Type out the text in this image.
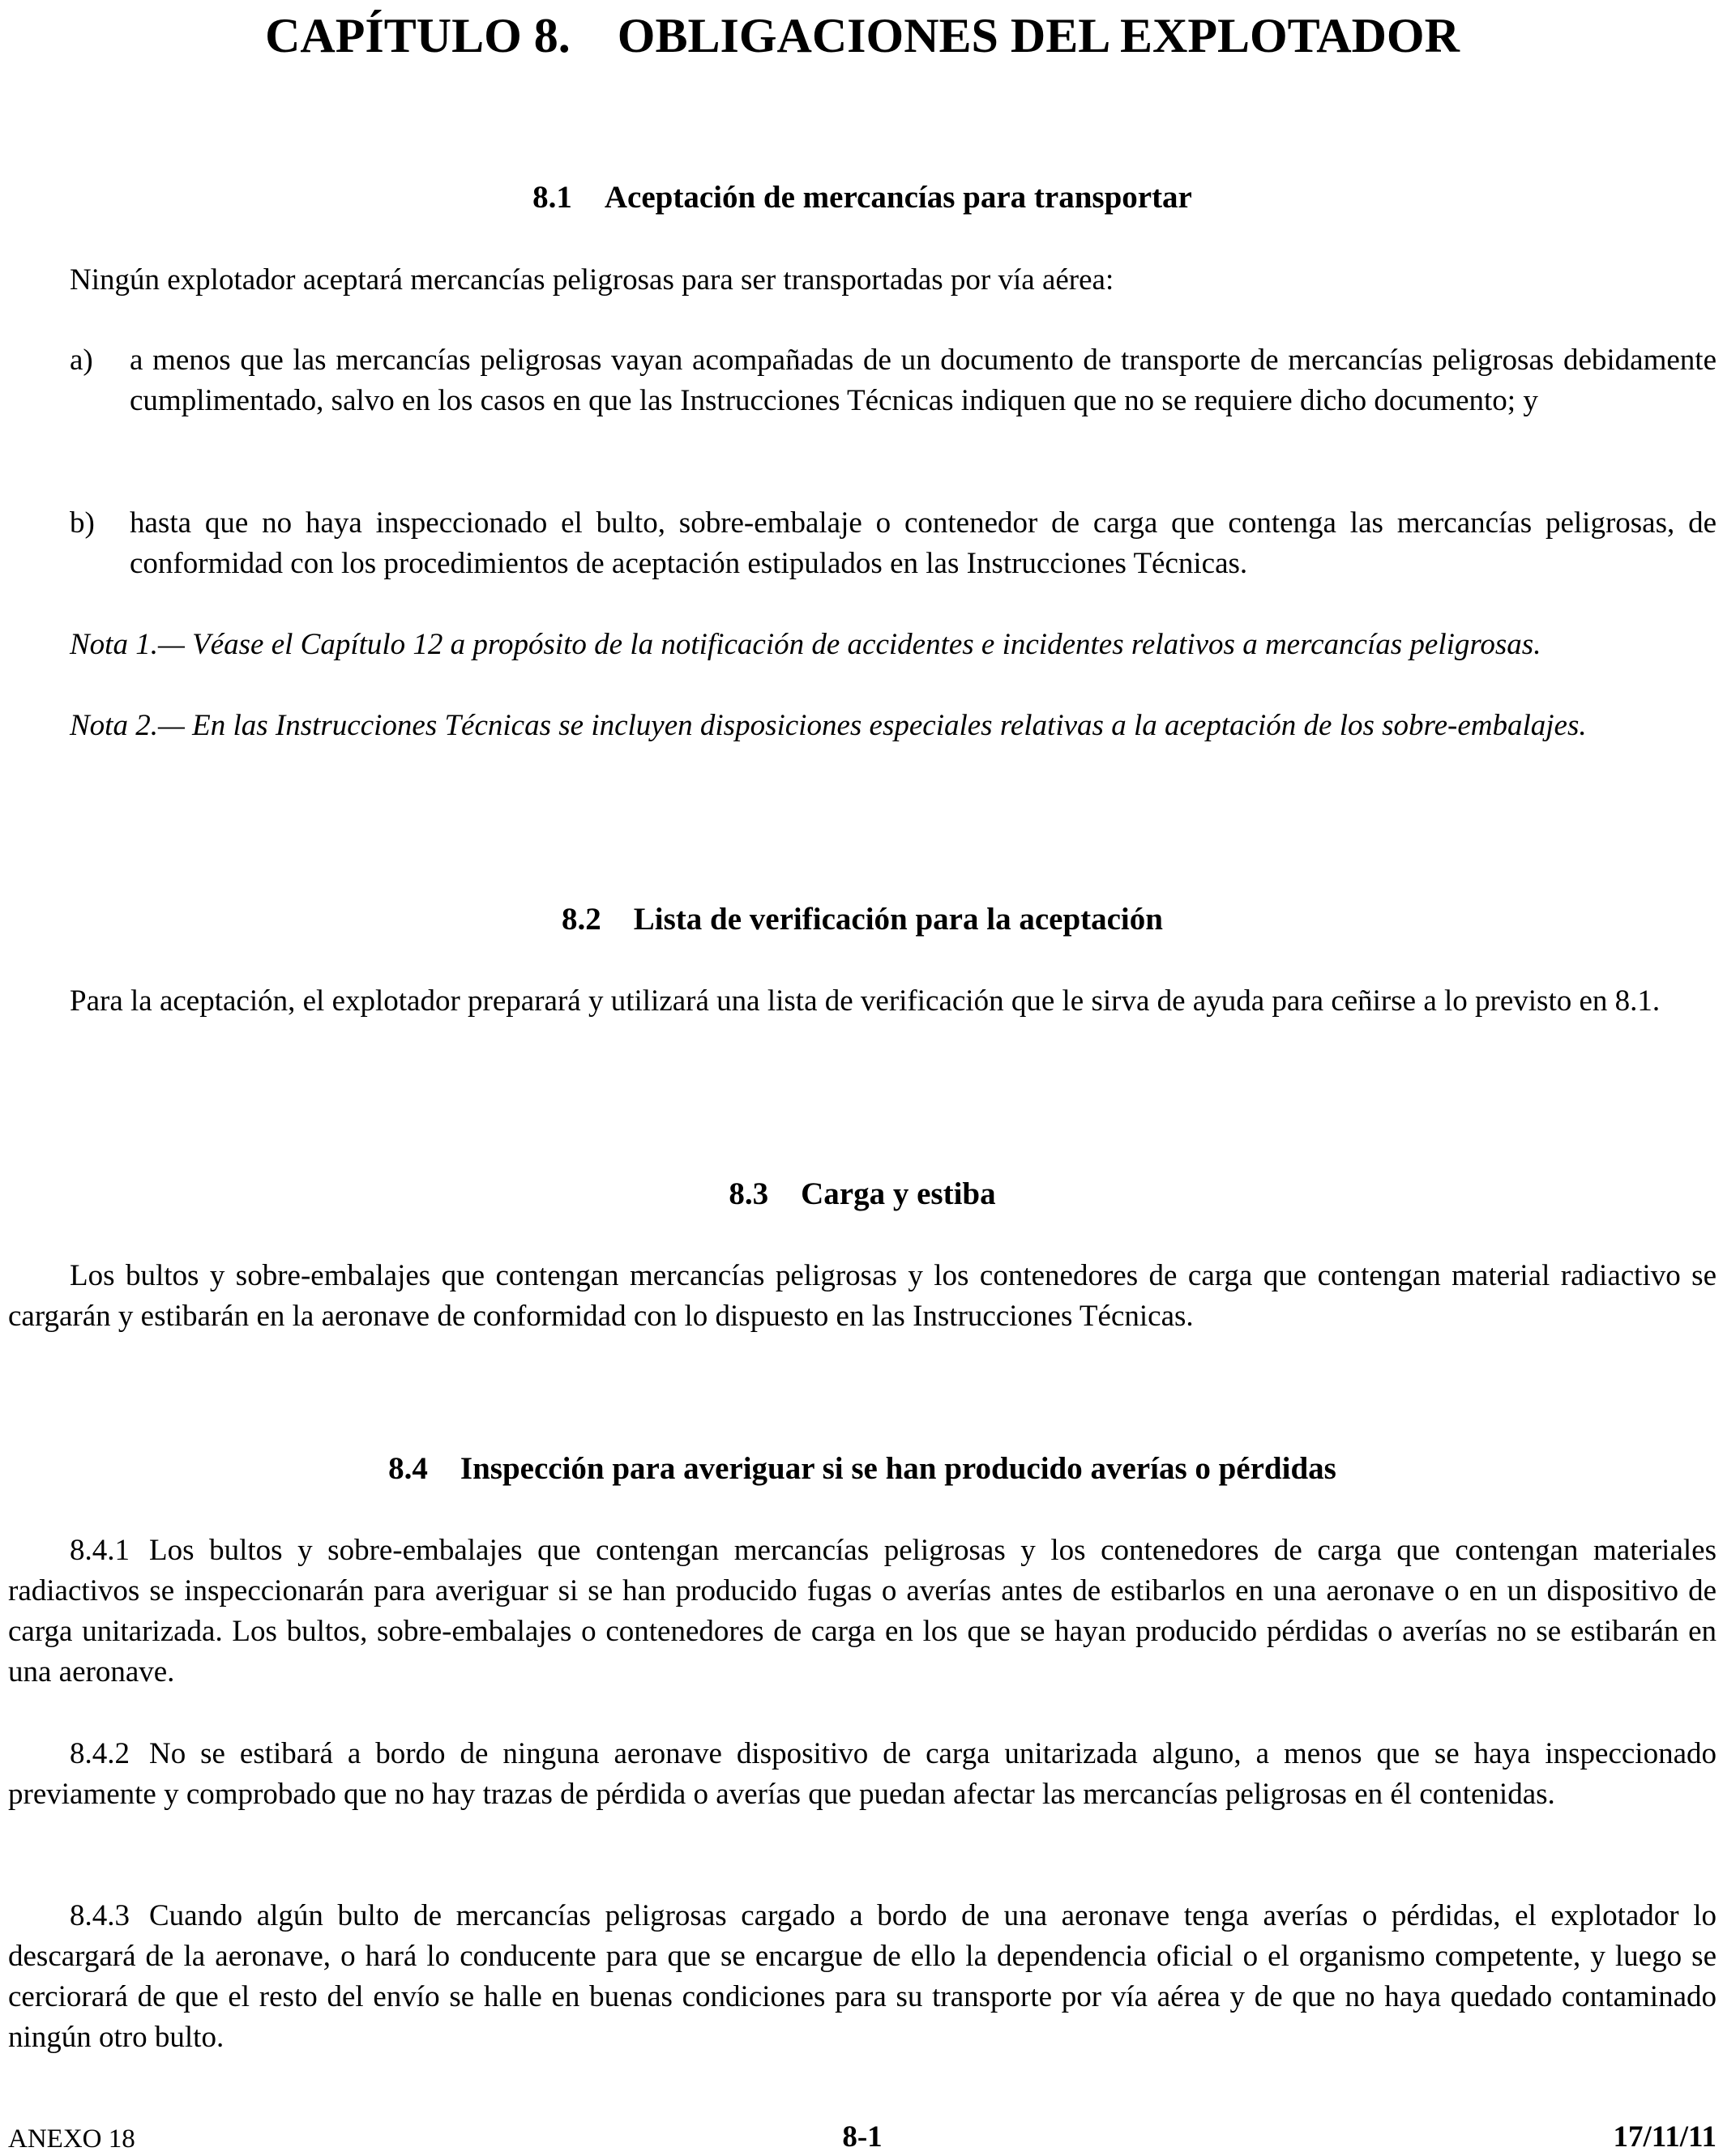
CAPÍTULO 8. OBLIGACIONES DEL EXPLOTADOR
8.1 Aceptación de mercancías para transportar

Ningún explotador aceptará mercancías peligrosas para ser transportadas por vía aérea:

a) a menos que las mercancías peligrosas vayan acompañadas de un documento de transporte de mercancías peligrosas debidamente cumplimentado, salvo en los casos en que las Instrucciones Técnicas indiquen que no se requiere dicho documento; y
b) hasta que no haya inspeccionado el bulto, sobre-embalaje o contenedor de carga que contenga las mercancías peligrosas, de conformidad con los procedimientos de aceptación estipulados en las Instrucciones Técnicas.

Nota 1.— Véase el Capítulo 12 a propósito de la notificación de accidentes e incidentes relativos a mercancías peligrosas.

Nota 2.— En las Instrucciones Técnicas se incluyen disposiciones especiales relativas a la aceptación de los sobre-embalajes.

8.2 Lista de verificación para la aceptación

Para la aceptación, el explotador preparará y utilizará una lista de verificación que le sirva de ayuda para ceñirse a lo previsto en 8.1.

8.3 Carga y estiba

Los bultos y sobre-embalajes que contengan mercancías peligrosas y los contenedores de carga que contengan material radiactivo se cargarán y estibarán en la aeronave de conformidad con lo dispuesto en las Instrucciones Técnicas.

8.4 Inspección para averiguar si se han producido averías o pérdidas

8.4.1 Los bultos y sobre-embalajes que contengan mercancías peligrosas y los contenedores de carga que contengan materiales radiactivos se inspeccionarán para averiguar si se han producido fugas o averías antes de estibarlos en una aeronave o en un dispositivo de carga unitarizada. Los bultos, sobre-embalajes o contenedores de carga en los que se hayan producido pérdidas o averías no se estibarán en una aeronave.

8.4.2 No se estibará a bordo de ninguna aeronave dispositivo de carga unitarizada alguno, a menos que se haya inspeccionado previamente y comprobado que no hay trazas de pérdida o averías que puedan afectar las mercancías peligrosas en él contenidas.

8.4.3 Cuando algún bulto de mercancías peligrosas cargado a bordo de una aeronave tenga averías o pérdidas, el explotador lo descargará de la aeronave, o hará lo conducente para que se encargue de ello la dependencia oficial o el organismo competente, y luego se cerciorará de que el resto del envío se halle en buenas condiciones para su transporte por vía aérea y de que no haya quedado contaminado ningún otro bulto.

ANEXO 18	8-1	17/11/11
